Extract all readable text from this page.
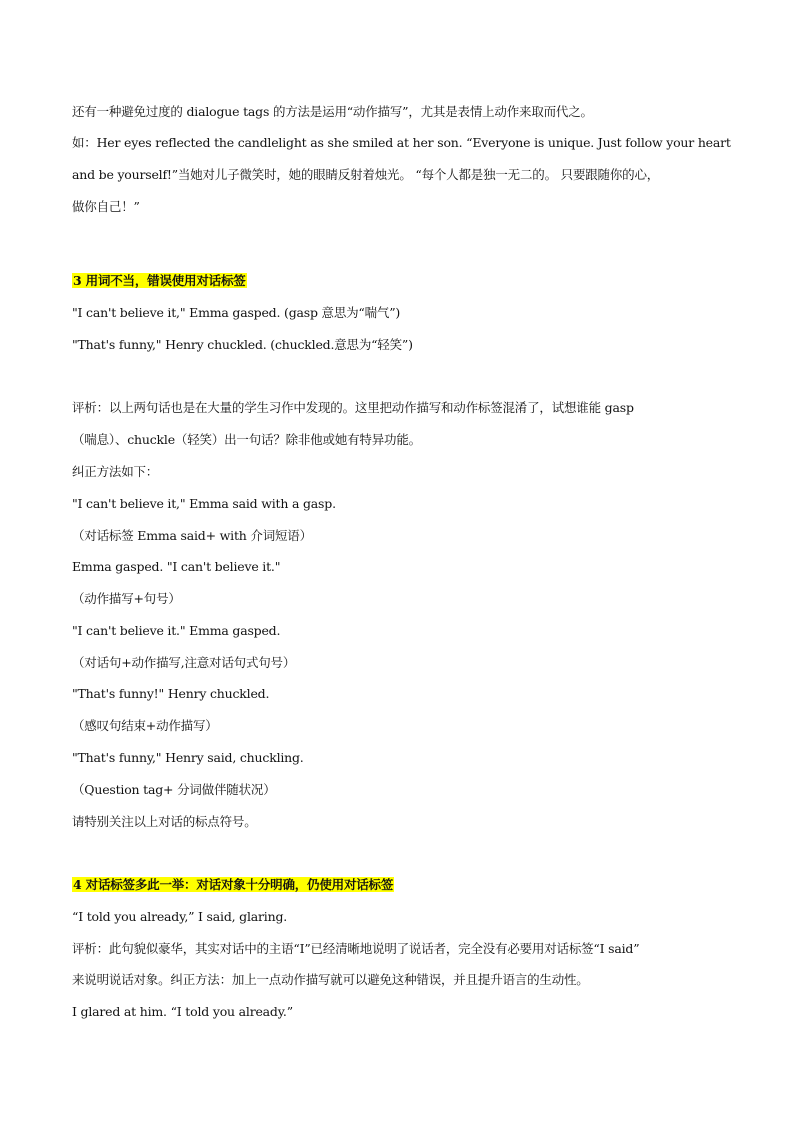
还有一种避免过度的 dialogue tags 的方法是运用“动作描写”，尤其是表情上动作来取而代之。

如：Her eyes reflected the candlelight as she smiled at her son. “Everyone is unique. Just follow your heart

and be yourself!”当她对儿子微笑时，她的眼睛反射着烛光。 “每个人都是独一无二的。 只要跟随你的心，

做你自己！”

3 用词不当，错误使用对话标签

"I can't believe it," Emma gasped. (gasp 意思为“喘气”)

"That's funny," Henry chuckled. (chuckled.意思为“轻笑”)

评析：以上两句话也是在大量的学生习作中发现的。这里把动作描写和动作标签混淆了，试想谁能 gasp

（喘息）、chuckle（轻笑）出一句话？除非他或她有特异功能。

纠正方法如下：

"I can't believe it," Emma said with a gasp.

（对话标签 Emma said+ with 介词短语）

Emma gasped. "I can't believe it."

（动作描写+句号）

"I can't believe it." Emma gasped.

（对话句+动作描写,注意对话句式句号）

"That's funny!" Henry chuckled.

（感叹句结束+动作描写）

"That's funny," Henry said, chuckling.

（Question tag+ 分词做伴随状况）

请特别关注以上对话的标点符号。

4 对话标签多此一举：对话对象十分明确，仍使用对话标签

“I told you already,” I said, glaring.

评析：此句貌似豪华，其实对话中的主语“I”已经清晰地说明了说话者，完全没有必要用对话标签“I said”

来说明说话对象。纠正方法：加上一点动作描写就可以避免这种错误，并且提升语言的生动性。

I glared at him. “I told you already.”
